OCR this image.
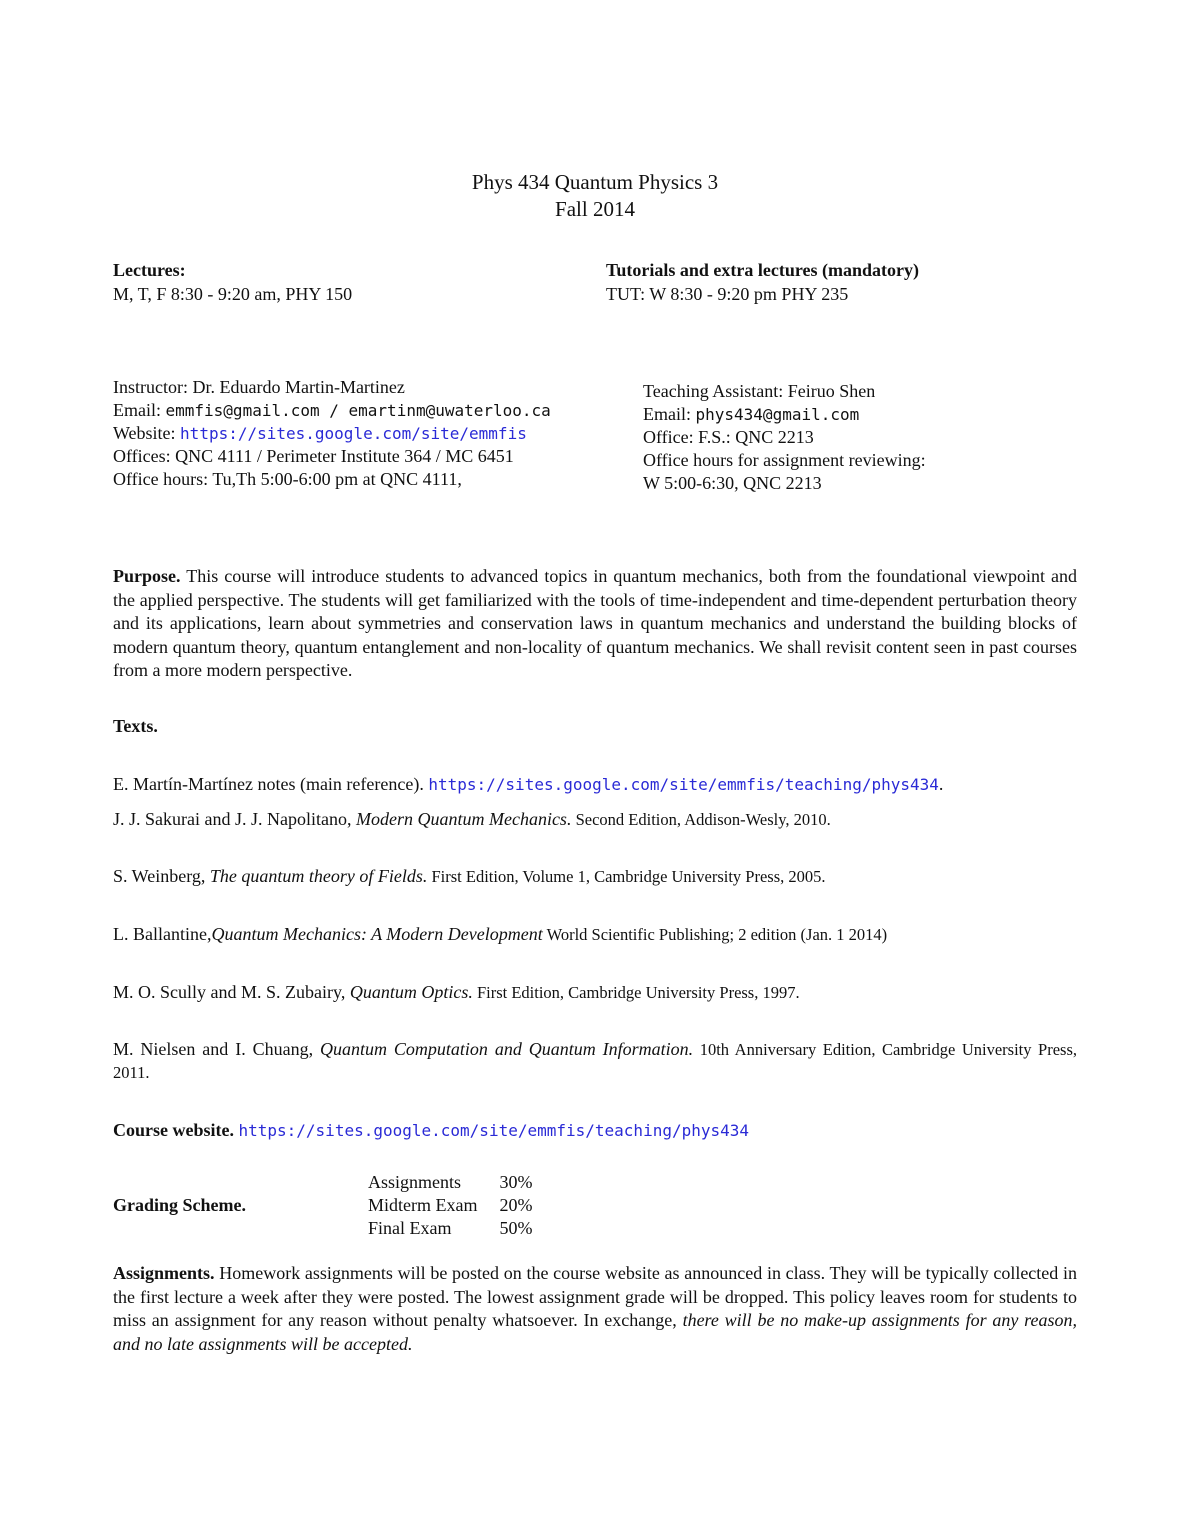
Phys 434 Quantum Physics 3
Fall 2014
Lectures:
M, T, F 8:30 - 9:20 am, PHY 150
Tutorials and extra lectures (mandatory)
TUT: W 8:30 - 9:20 pm PHY 235
Instructor: Dr. Eduardo Martin-Martinez
Email: emmfis@gmail.com / emartinm@uwaterloo.ca
Website: https://sites.google.com/site/emmfis
Offices: QNC 4111 / Perimeter Institute 364 / MC 6451
Office hours: Tu,Th 5:00-6:00 pm at QNC 4111,
Teaching Assistant: Feiruo Shen
Email: phys434@gmail.com
Office: F.S.: QNC 2213
Office hours for assignment reviewing:
W 5:00-6:30, QNC 2213
Purpose. This course will introduce students to advanced topics in quantum mechanics, both from the foundational viewpoint and the applied perspective. The students will get familiarized with the tools of time-independent and time-dependent perturbation theory and its applications, learn about symmetries and conservation laws in quantum mechanics and understand the building blocks of modern quantum theory, quantum entanglement and non-locality of quantum mechanics. We shall revisit content seen in past courses from a more modern perspective.
Texts.
E. Martín-Martínez notes (main reference). https://sites.google.com/site/emmfis/teaching/phys434.
J. J. Sakurai and J. J. Napolitano, Modern Quantum Mechanics. Second Edition, Addison-Wesly, 2010.
S. Weinberg, The quantum theory of Fields. First Edition, Volume 1, Cambridge University Press, 2005.
L. Ballantine,Quantum Mechanics: A Modern Development World Scientific Publishing; 2 edition (Jan. 1 2014)
M. O. Scully and M. S. Zubairy, Quantum Optics. First Edition, Cambridge University Press, 1997.
M. Nielsen and I. Chuang, Quantum Computation and Quantum Information. 10th Anniversary Edition, Cambridge University Press, 2011.
Course website. https://sites.google.com/site/emmfis/teaching/phys434
Grading Scheme.
Assignments	30%
Midterm Exam	20%
Final Exam	50%
Assignments. Homework assignments will be posted on the course website as announced in class. They will be typically collected in the first lecture a week after they were posted. The lowest assignment grade will be dropped. This policy leaves room for students to miss an assignment for any reason without penalty whatsoever. In exchange, there will be no make-up assignments for any reason, and no late assignments will be accepted.
